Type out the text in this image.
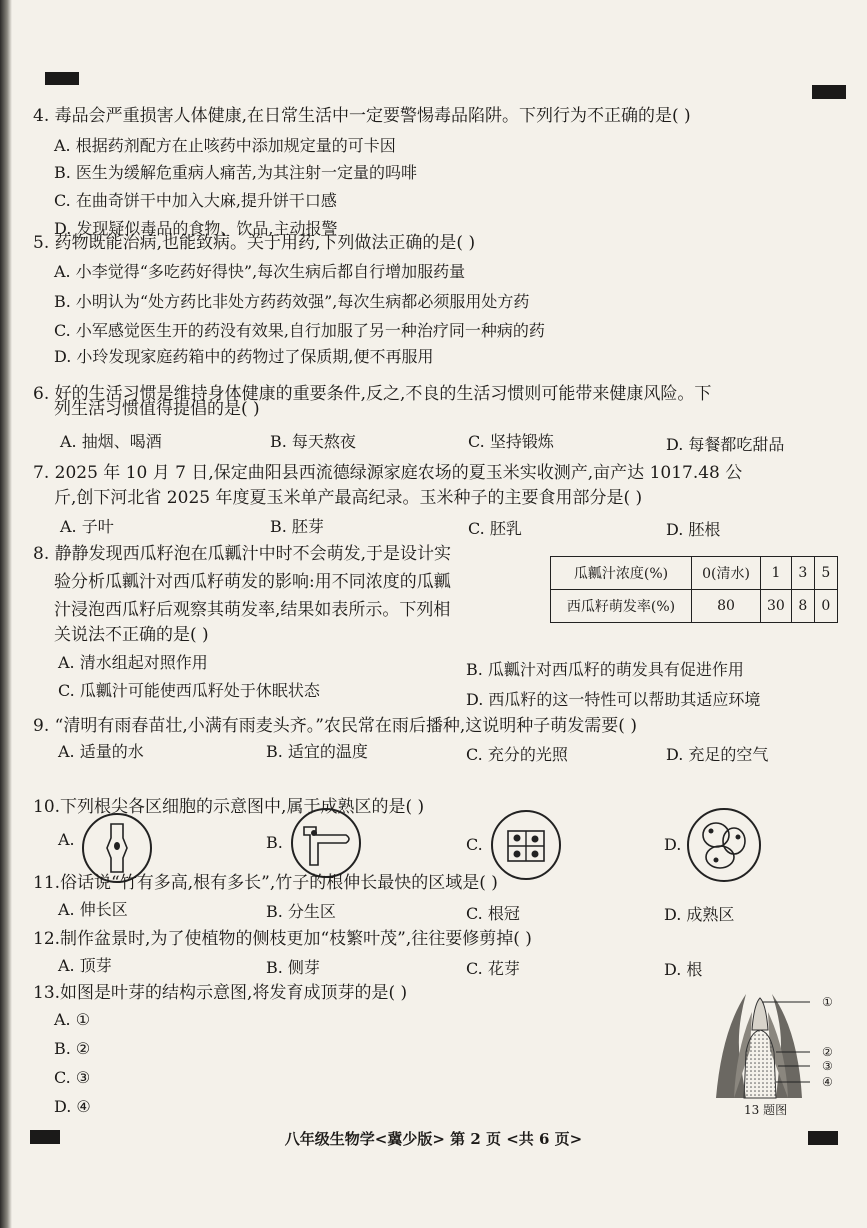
4. 毒品会严重损害人体健康,在日常生活中一定要警惕毒品陷阱。下列行为不正确的是( )
A. 根据药剂配方在止咳药中添加规定量的可卡因
B. 医生为缓解危重病人痛苦,为其注射一定量的吗啡
C. 在曲奇饼干中加入大麻,提升饼干口感
D. 发现疑似毒品的食物、饮品,主动报警
5. 药物既能治病,也能致病。关于用药,下列做法正确的是( )
A. 小李觉得“多吃药好得快”,每次生病后都自行增加服药量
B. 小明认为“处方药比非处方药药效强”,每次生病都必须服用处方药
C. 小军感觉医生开的药没有效果,自行加服了另一种治疗同一种病的药
D. 小玲发现家庭药箱中的药物过了保质期,便不再服用
6. 好的生活习惯是维持身体健康的重要条件,反之,不良的生活习惯则可能带来健康风险。下
列生活习惯值得提倡的是( )
A. 抽烟、喝酒	B. 每天熬夜	C. 坚持锻炼	D. 每餐都吃甜品
7. 2025 年 10 月 7 日,保定曲阳县西流德绿源家庭农场的夏玉米实收测产,亩产达 1017.48 公
斤,创下河北省 2025 年度夏玉米单产最高纪录。玉米种子的主要食用部分是( )
A. 子叶	B. 胚芽	C. 胚乳	D. 胚根
8. 静静发现西瓜籽泡在瓜瓤汁中时不会萌发,于是设计实
验分析瓜瓤汁对西瓜籽萌发的影响:用不同浓度的瓜瓤
汁浸泡西瓜籽后观察其萌发率,结果如表所示。下列相
关说法不正确的是( )
瓜瓤汁浓度(%)	0(清水)	1	3	5
西瓜籽萌发率(%)	80	30	8	0
A. 清水组起对照作用	B. 瓜瓤汁对西瓜籽的萌发具有促进作用
C. 瓜瓤汁可能使西瓜籽处于休眠状态	D. 西瓜籽的这一特性可以帮助其适应环境
9. “清明有雨春苗壮,小满有雨麦头齐。”农民常在雨后播种,这说明种子萌发需要( )
A. 适量的水	B. 适宜的温度	C. 充分的光照	D. 充足的空气
10.下列根尖各区细胞的示意图中,属于成熟区的是( )
A.	B.	C.	D.
11.俗话说“竹有多高,根有多长”,竹子的根伸长最快的区域是( )
A. 伸长区	B. 分生区	C. 根冠	D. 成熟区
12.制作盆景时,为了使植物的侧枝更加“枝繁叶茂”,往往要修剪掉( )
A. 顶芽	B. 侧芽	C. 花芽	D. 根
13.如图是叶芽的结构示意图,将发育成顶芽的是( )
A. ①
B. ②
C. ③
D. ④
①
②
③
④
13 题图
八年级生物学<冀少版> 第 2 页 <共 6 页>
